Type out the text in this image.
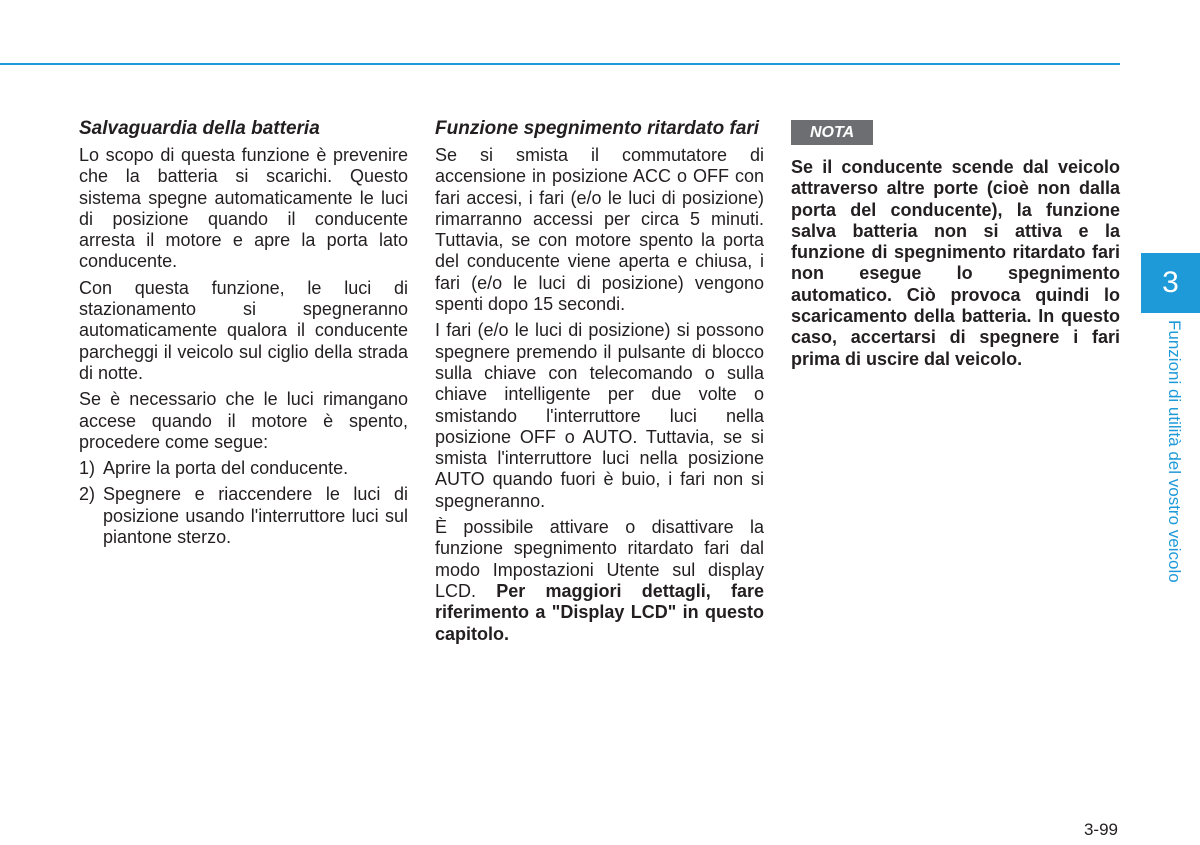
Salvaguardia della batteria

Lo scopo di questa funzione è prevenire che la batteria si scarichi. Questo sistema spegne automaticamente le luci di posizione quando il conducente arresta il motore e apre la porta lato conducente.

Con questa funzione, le luci di stazionamento si spegneranno automaticamente qualora il conducente parcheggi il veicolo sul ciglio della strada di notte.

Se è necessario che le luci rimangano accese quando il motore è spento, procedere come segue:

1) Aprire la porta del conducente.
2) Spegnere e riaccendere le luci di posizione usando l'interruttore luci sul piantone sterzo.
Funzione spegnimento ritardato fari

Se si smista il commutatore di accensione in posizione ACC o OFF con fari accesi, i fari (e/o le luci di posizione) rimarranno accessi per circa 5 minuti. Tuttavia, se con motore spento la porta del conducente viene aperta e chiusa, i fari (e/o le luci di posizione) vengono spenti dopo 15 secondi.

I fari (e/o le luci di posizione) si possono spegnere premendo il pulsante di blocco sulla chiave con telecomando o sulla chiave intelligente per due volte o smistando l'interruttore luci nella posizione OFF o AUTO. Tuttavia, se si smista l'interruttore luci nella posizione AUTO quando fuori è buio, i fari non si spegneranno.

È possibile attivare o disattivare la funzione spegnimento ritardato fari dal modo Impostazioni Utente sul display LCD. Per maggiori dettagli, fare riferimento a "Display LCD" in questo capitolo.

NOTA

Se il conducente scende dal veicolo attraverso altre porte (cioè non dalla porta del conducente), la funzione salva batteria non si attiva e la funzione di spegnimento ritardato fari non esegue lo spegnimento automatico. Ciò provoca quindi lo scaricamento della batteria. In questo caso, accertarsi di spegnere i fari prima di uscire dal veicolo.

3
Funzioni di utilità del vostro veicolo
3-99
